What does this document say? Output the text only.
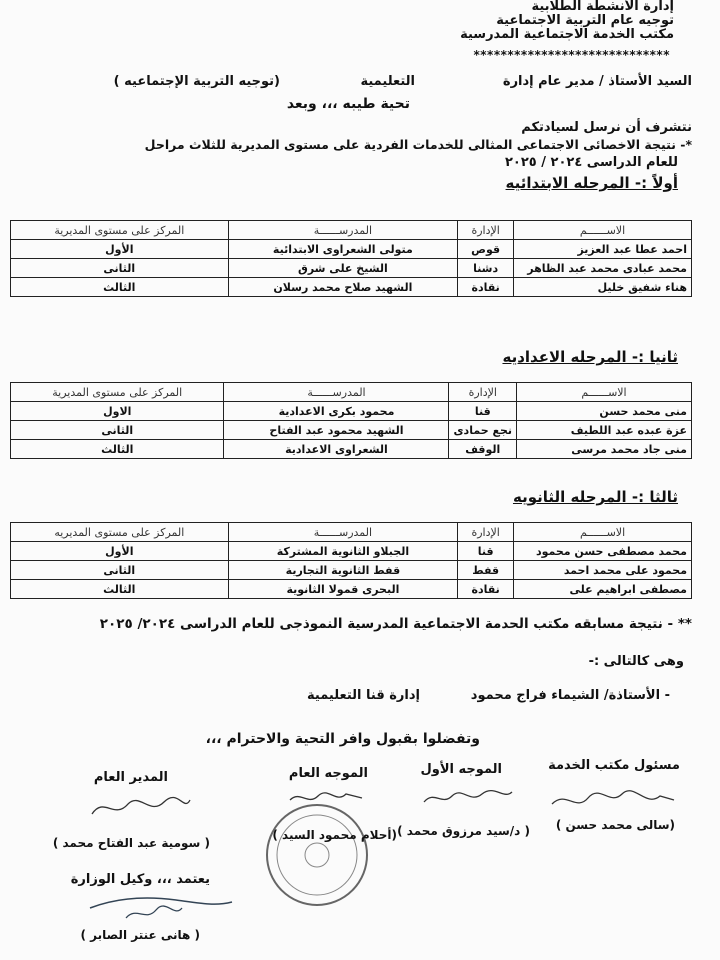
إدارة الأنشطة الطلابية
توجيه عام التربية الاجتماعية
مكتب الخدمة الاجتماعية المدرسية
*****************************
السيد الأستاذ / مدير عام إدارة
التعليمية
(توجيه التربية الإجتماعيه )
تحية طيبه ،،، وبعد
نتشرف أن نرسل لسيادتكم
*- نتيجة الاخصائى الاجتماعى المثالى للخدمات الفردية على مستوى المديرية للثلاث مراحل
للعام الدراسى ٢٠٢٤ / ٢٠٢٥
أولاً :- المرحله الابتدائيه
الاســــــم	الإدارة	المدرســــــة	المركز على مستوى المديرية
احمد عطا عبد العزيز	قوص	متولى الشعراوى الابتدائية	الأول
محمد عبادى محمد عبد الظاهر	دشنا	الشيخ على شرق	الثانى
هناء شفيق خليل	نقادة	الشهيد صلاح محمد رسلان	الثالث
ثانيا :- المرحله الاعداديه
الاســــــم	الإدارة	المدرســــــة	المركز على مستوى المديرية
منى محمد حسن	قنا	محمود بكرى الاعدادية	الاول
عزة عبده عبد اللطيف	نجع حمادى	الشهيد محمود عبد الفتاح	الثانى
منى جاد محمد مرسى	الوقف	الشعراوى الاعدادية	الثالث
ثالثا :- المرحله الثانويه
الاســــــم	الإدارة	المدرســــــة	المركز على مستوى المديريه
محمد مصطفى حسن محمود	قنا	الجبلاو الثانوية المشتركة	الأول
محمود على محمد احمد	قفط	قفط الثانوية التجارية	الثانى
مصطفى ابراهيم على	نقادة	البحرى قمولا الثانوية	الثالث
** - نتيجة مسابقه مكتب الحدمة الاجتماعية المدرسية النموذجى للعام الدراسى ٢٠٢٤/ ٢٠٢٥
وهى كالتالى :-
- الأستاذة/ الشيماء فراج محمود
إدارة قنا التعليمية
وتفضلوا بقبول وافر التحية والاحترام ،،،
مسئول مكتب الخدمة
الموجه الأول
الموجه العام
المدير العام
(سالى محمد حسن )
( د/سيد مرزوق محمد )
(أحلام محمود السيد )
( سومية عبد الفتاح محمد )
يعتمد ،،، وكيل الوزارة
( هانى عنتر الصابر )
